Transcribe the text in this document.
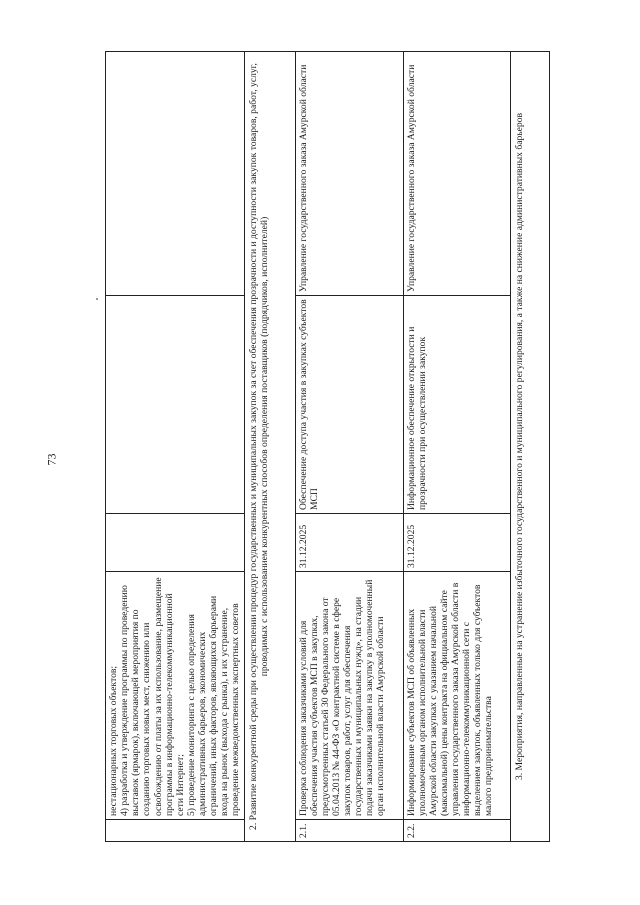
73
	нестационарных торговых объектов;
4) разработка и утверждение программы по проведению выставок (ярмарок), включающей мероприятия по созданию торговых новых мест, снижению или освобождению от платы за их использование, размещение программы в информационно-телекоммуникационной сети Интернет;
5) проведение мониторинга с целью определения административных барьеров, экономических ограничений, иных факторов, являющихся барьерами входа на рынок (выхода с рынка), и их устранение, проведение межведомственных экспертных советов			
2. Развитие конкурентной среды при осуществлении процедур государственных и муниципальных закупок за счет обеспечения прозрачности и доступности закупок товаров, работ, услуг, проводимых с использованием конкурентных способов определения поставщиков (подрядчиков, исполнителей)				
2.1.	Проверка соблюдения заказчиками условий для обеспечения участия субъектов МСП в закупках, предусмотренных статьей 30 Федерального закона от 05.04.2013 № 44-ФЗ «О контрактной системе в сфере закупок товаров, работ, услуг для обеспечения государственных и муниципальных нужд», на стадии подачи заказчиками заявки на закупку в уполномоченный орган исполнительной власти Амурской области	31.12.2025	Обеспечение доступа участия в закупках субъектов МСП	Управление государственного заказа Амурской области
2.2.	Информирование субъектов МСП об объявленных уполномоченным органом исполнительной власти Амурской области закупках с указанием начальной (максимальной) цены контракта на официальном сайте управления государственного заказа Амурской области в информационно-телекоммуникационной сети с выделением закупок, объявленных только для субъектов малого предпринимательства	31.12.2025	Информационное обеспечение открытости и прозрачности при осуществлении закупок	Управление государственного заказа Амурской области
3. Мероприятия, направленные на устранение избыточного государственного и муниципального регулирования, а также на снижение административных барьеров				
